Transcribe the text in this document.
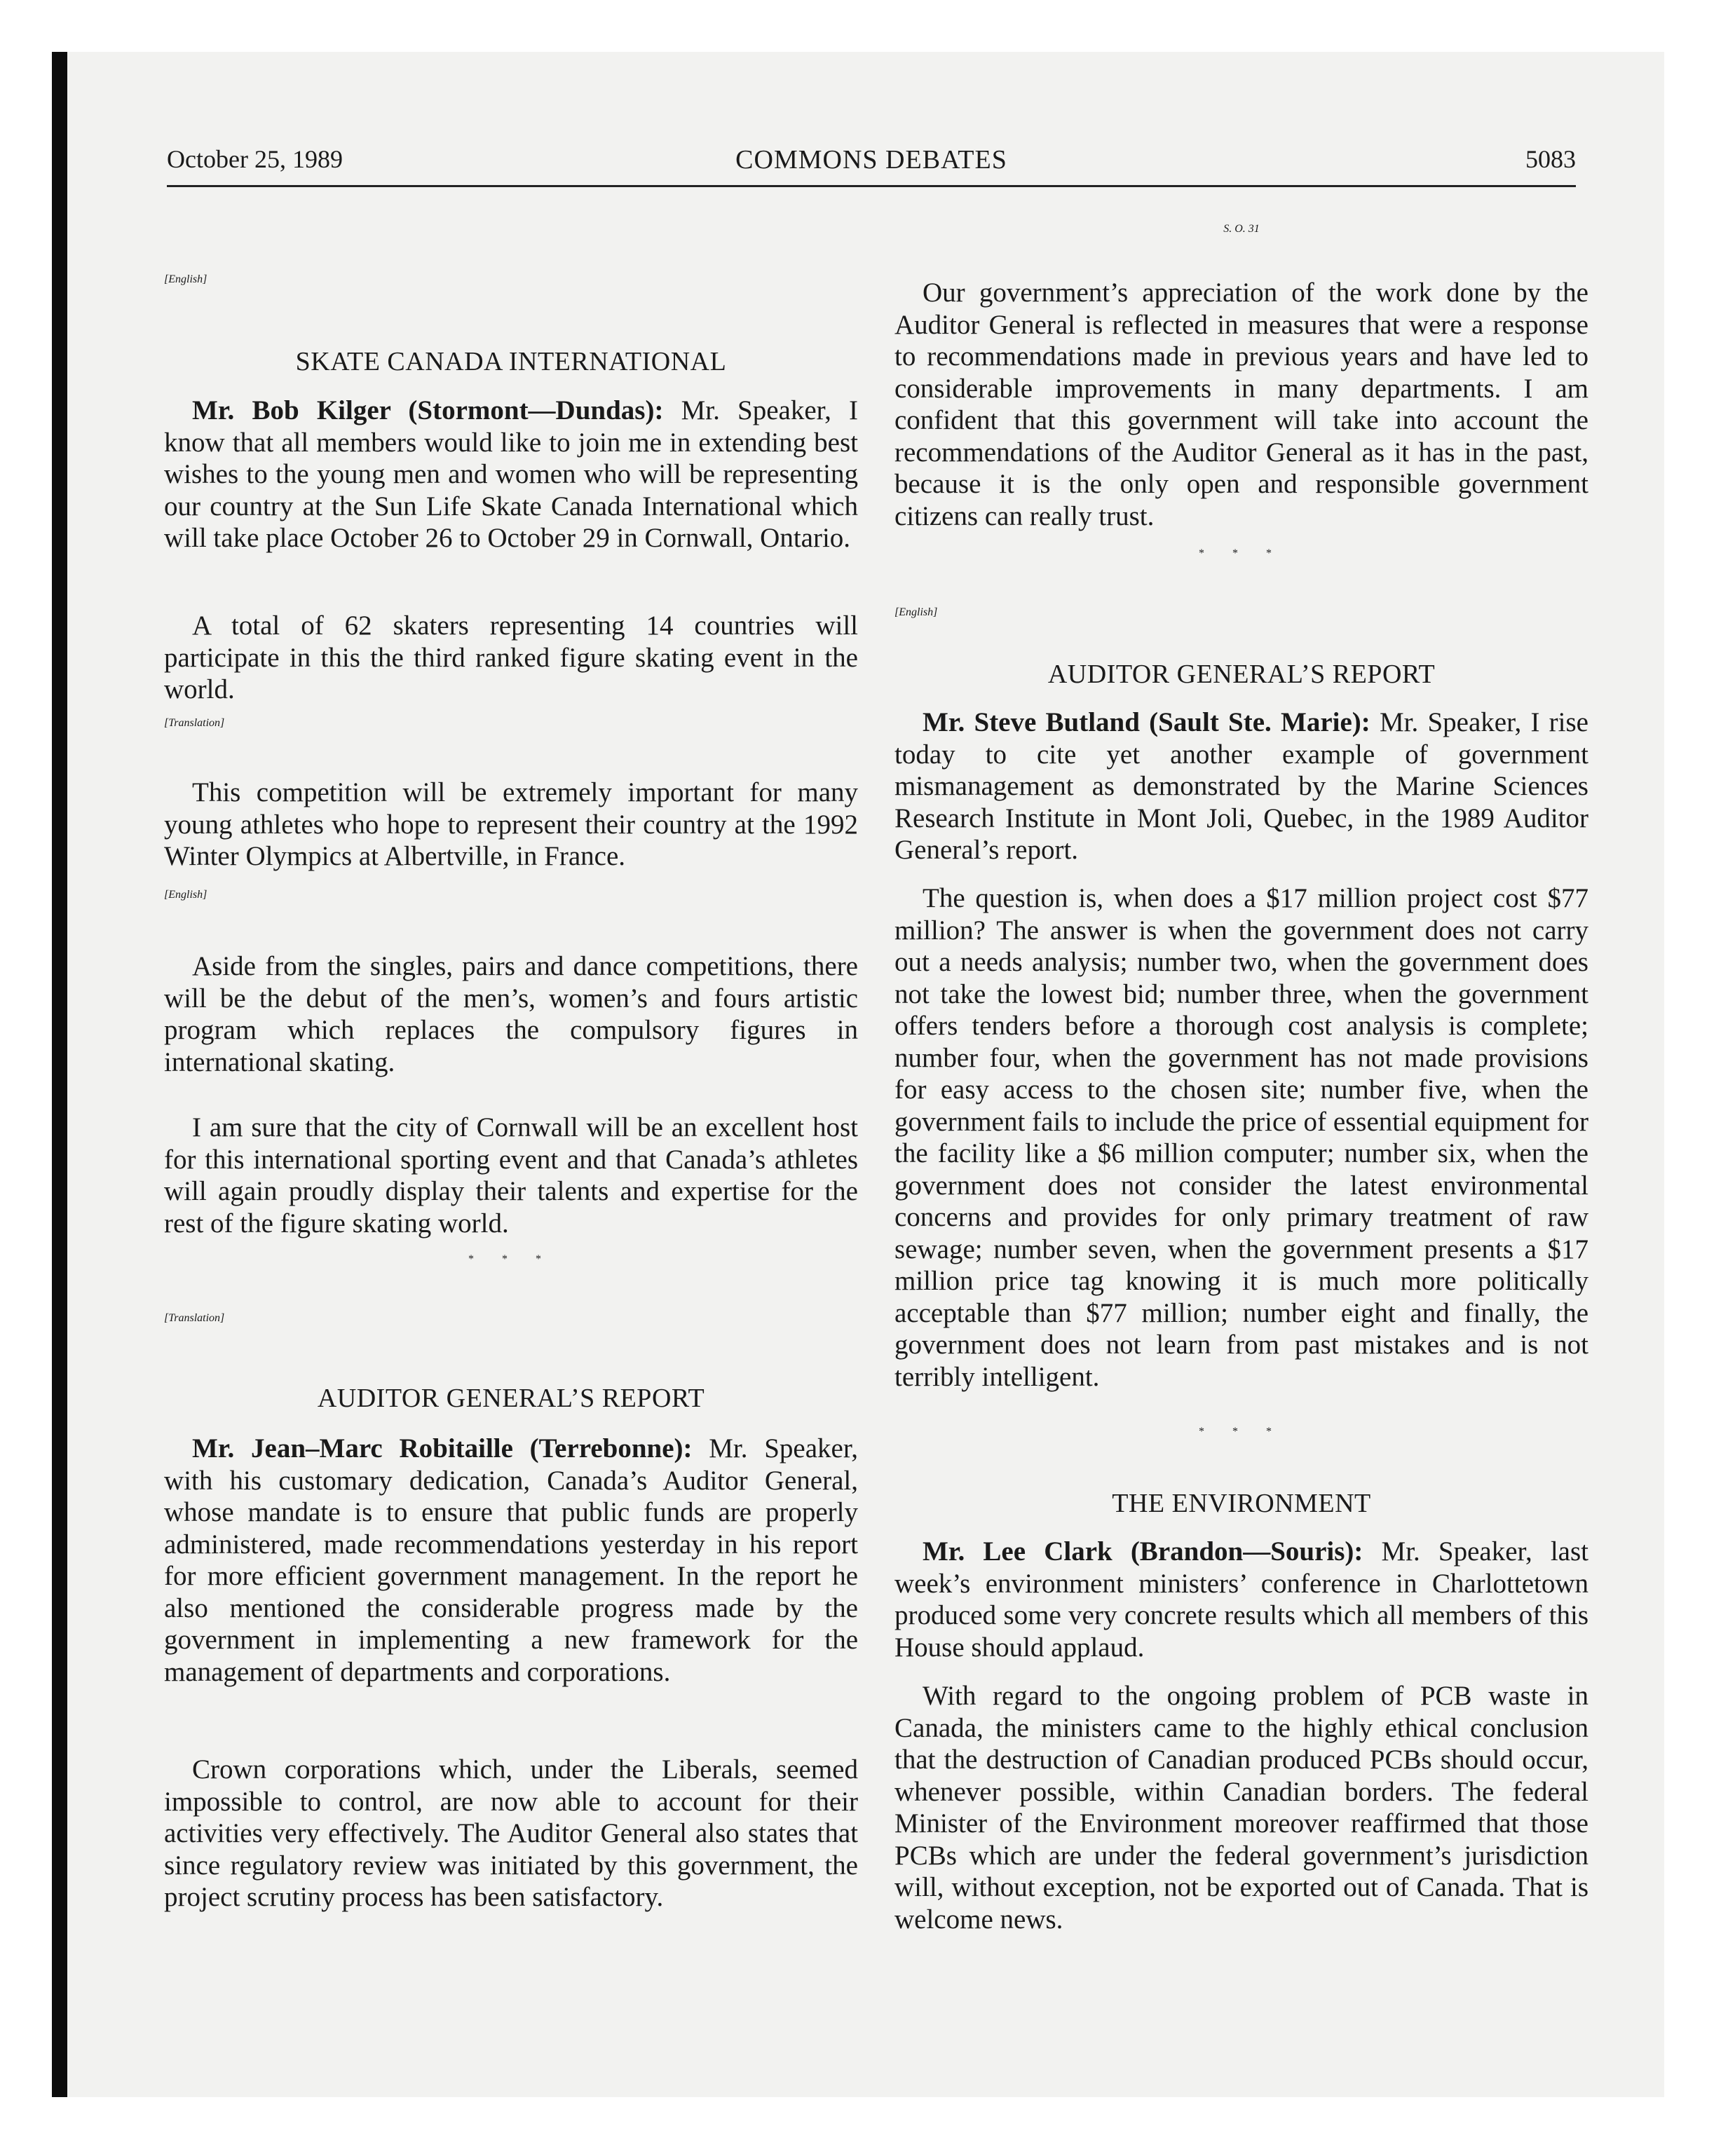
October 25, 1989	COMMONS DEBATES	5083

[English]

SKATE CANADA INTERNATIONAL

Mr. Bob Kilger (Stormont—Dundas): Mr. Speaker, I know that all members would like to join me in extending best wishes to the young men and women who will be representing our country at the Sun Life Skate Canada International which will take place October 26 to October 29 in Cornwall, Ontario.

A total of 62 skaters representing 14 countries will participate in this the third ranked figure skating event in the world.

[Translation]

This competition will be extremely important for many young athletes who hope to represent their country at the 1992 Winter Olympics at Albertville, in France.

[English]

Aside from the singles, pairs and dance competitions, there will be the debut of the men’s, women’s and fours artistic program which replaces the compulsory figures in international skating.

I am sure that the city of Cornwall will be an excellent host for this international sporting event and that Canada’s athletes will again proudly display their talents and expertise for the rest of the figure skating world.

* * *

[Translation]

AUDITOR GENERAL’S REPORT

Mr. Jean–Marc Robitaille (Terrebonne): Mr. Speaker, with his customary dedication, Canada’s Auditor General, whose mandate is to ensure that public funds are properly administered, made recommendations yesterday in his report for more efficient government management. In the report he also mentioned the considerable progress made by the government in implementing a new framework for the management of departments and corporations.

Crown corporations which, under the Liberals, seemed impossible to control, are now able to account for their activities very effectively. The Auditor General also states that since regulatory review was initiated by this government, the project scrutiny process has been satisfactory.

S. O. 31

Our government’s appreciation of the work done by the Auditor General is reflected in measures that were a response to recommendations made in previous years and have led to considerable improvements in many departments. I am confident that this government will take into account the recommendations of the Auditor General as it has in the past, because it is the only open and responsible government citizens can really trust.

* * *

[English]

AUDITOR GENERAL’S REPORT

Mr. Steve Butland (Sault Ste. Marie): Mr. Speaker, I rise today to cite yet another example of government mismanagement as demonstrated by the Marine Sciences Research Institute in Mont Joli, Quebec, in the 1989 Auditor General’s report.

The question is, when does a $17 million project cost $77 million? The answer is when the government does not carry out a needs analysis; number two, when the government does not take the lowest bid; number three, when the government offers tenders before a thorough cost analysis is complete; number four, when the government has not made provisions for easy access to the chosen site; number five, when the government fails to include the price of essential equipment for the facility like a $6 million computer; number six, when the government does not consider the latest environmental concerns and provides for only primary treatment of raw sewage; number seven, when the government presents a $17 million price tag knowing it is much more politically acceptable than $77 million; number eight and finally, the government does not learn from past mistakes and is not terribly intelligent.

* * *

THE ENVIRONMENT

Mr. Lee Clark (Brandon—Souris): Mr. Speaker, last week’s environment ministers’ conference in Charlottetown produced some very concrete results which all members of this House should applaud.

With regard to the ongoing problem of PCB waste in Canada, the ministers came to the highly ethical conclusion that the destruction of Canadian produced PCBs should occur, whenever possible, within Canadian borders. The federal Minister of the Environment moreover reaffirmed that those PCBs which are under the federal government’s jurisdiction will, without exception, not be exported out of Canada. That is welcome news.
